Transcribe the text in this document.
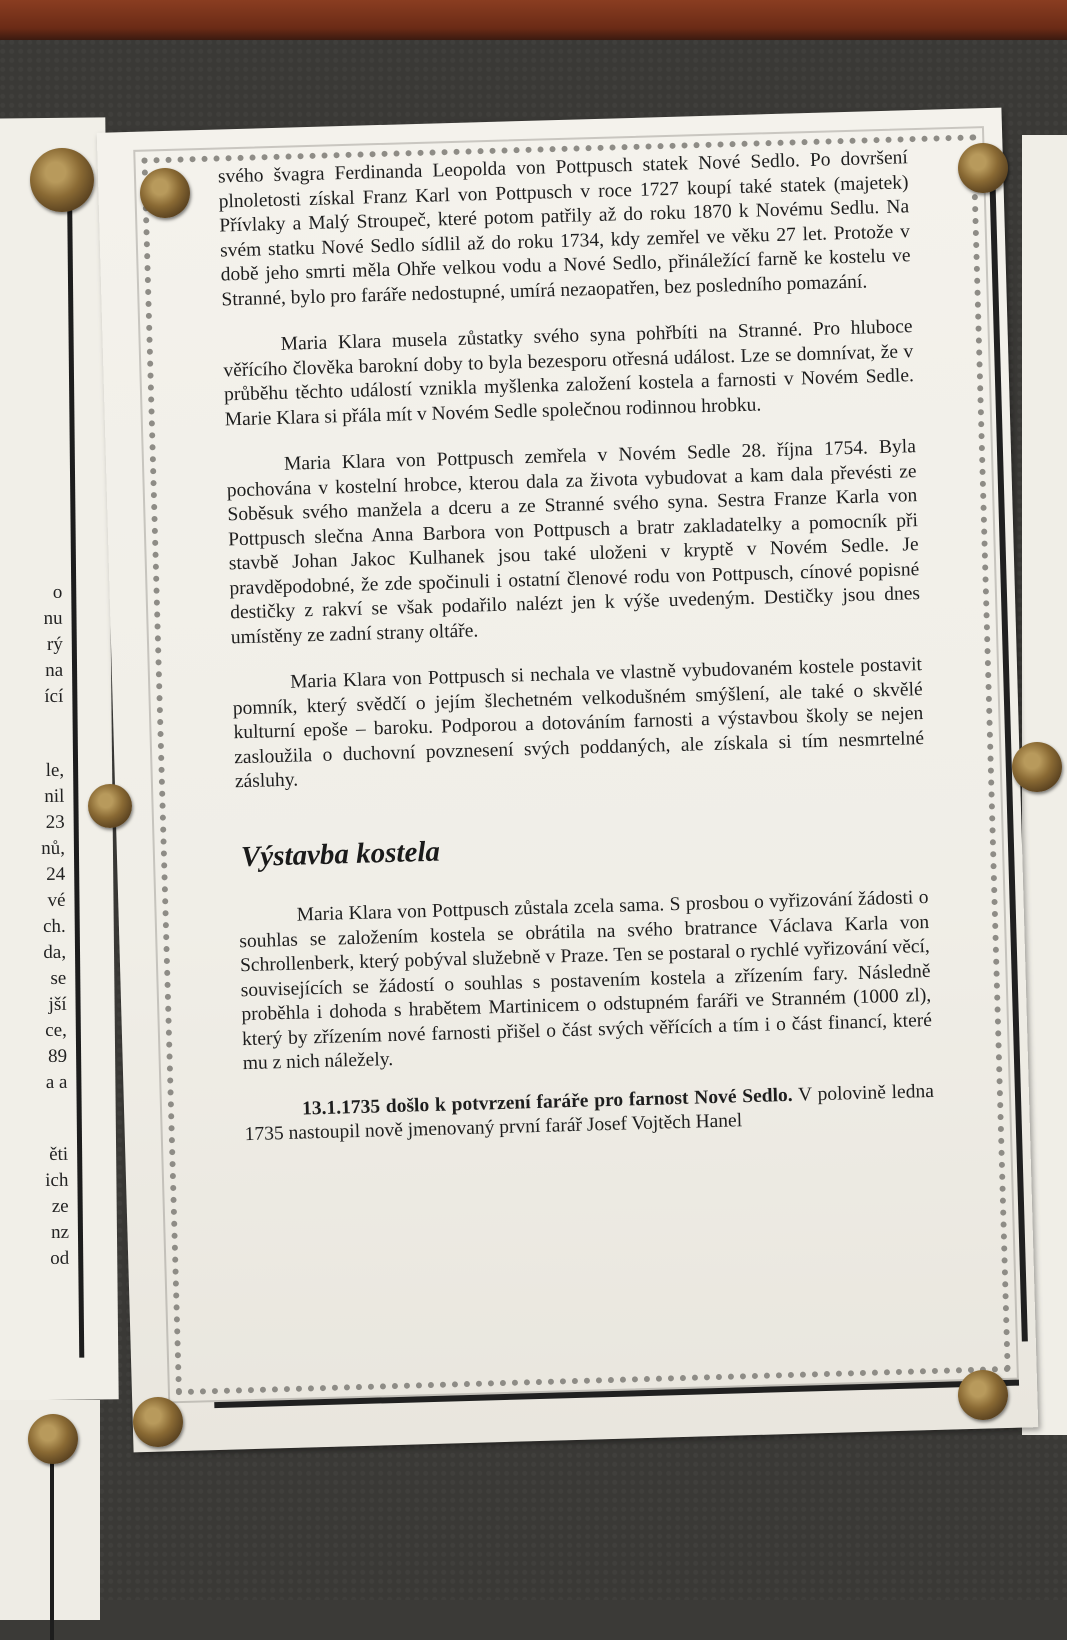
o
nu
rý
na
ící
le,
nil
23
nů,
24
vé
ch.
da,
se
jší
ce,
89
a a
ěti
ich
ze
nz
od

svého švagra Ferdinanda Leopolda von Pottpusch statek Nové Sedlo. Po dovršení plnoletosti získal Franz Karl von Pottpusch v roce 1727 koupí také statek (majetek) Přívlaky a Malý Stroupeč, které potom patřily až do roku 1870 k Novému Sedlu. Na svém statku Nové Sedlo sídlil až do roku 1734, kdy zemřel ve věku 27 let. Protože v době jeho smrti měla Ohře velkou vodu a Nové Sedlo, přináležící farně ke kostelu ve Stranné, bylo pro faráře nedostupné, umírá nezaopatřen, bez posledního pomazání.

Maria Klara musela zůstatky svého syna pohřbíti na Stranné. Pro hluboce věřícího člověka barokní doby to byla bezesporu otřesná událost. Lze se domnívat, že v průběhu těchto událostí vznikla myšlenka založení kostela a farnosti v Novém Sedle. Marie Klara si přála mít v Novém Sedle společnou rodinnou hrobku.

Maria Klara von Pottpusch zemřela v Novém Sedle 28. října 1754. Byla pochována v kostelní hrobce, kterou dala za života vybudovat a kam dala převésti ze Soběsuk svého manžela a dceru a ze Stranné svého syna. Sestra Franze Karla von Pottpusch slečna Anna Barbora von Pottpusch a bratr zakladatelky a pomocník při stavbě Johan Jakoc Kulhanek jsou také uloženi v kryptě v Novém Sedle. Je pravděpodobné, že zde spočinuli i ostatní členové rodu von Pottpusch, cínové popisné destičky z rakví se však podařilo nalézt jen k výše uvedeným. Destičky jsou dnes umístěny ze zadní strany oltáře.

Maria Klara von Pottpusch si nechala ve vlastně vybudovaném kostele postavit pomník, který svědčí o jejím šlechetném velkodušném smýšlení, ale také o skvělé kulturní epoše – baroku. Podporou a dotováním farnosti a výstavbou školy se nejen zasloužila o duchovní povznesení svých poddaných, ale získala si tím nesmrtelné zásluhy.

Výstavba kostela

Maria Klara von Pottpusch zůstala zcela sama. S prosbou o vyřizování žádosti o souhlas se založením kostela se obrátila na svého bratrance Václava Karla von Schrollenberk, který pobýval služebně v Praze. Ten se postaral o rychlé vyřizování věcí, souvisejících se žádostí o souhlas s postavením kostela a zřízením fary. Následně proběhla i dohoda s hrabětem Martinicem o odstupném faráři ve Stranném (1000 zl), který by zřízením nové farnosti přišel o část svých věřících a tím i o část financí, které mu z nich náležely.

13.1.1735 došlo k potvrzení faráře pro farnost Nové Sedlo. V polovině ledna 1735 nastoupil nově jmenovaný první farář Josef Vojtěch Hanel
